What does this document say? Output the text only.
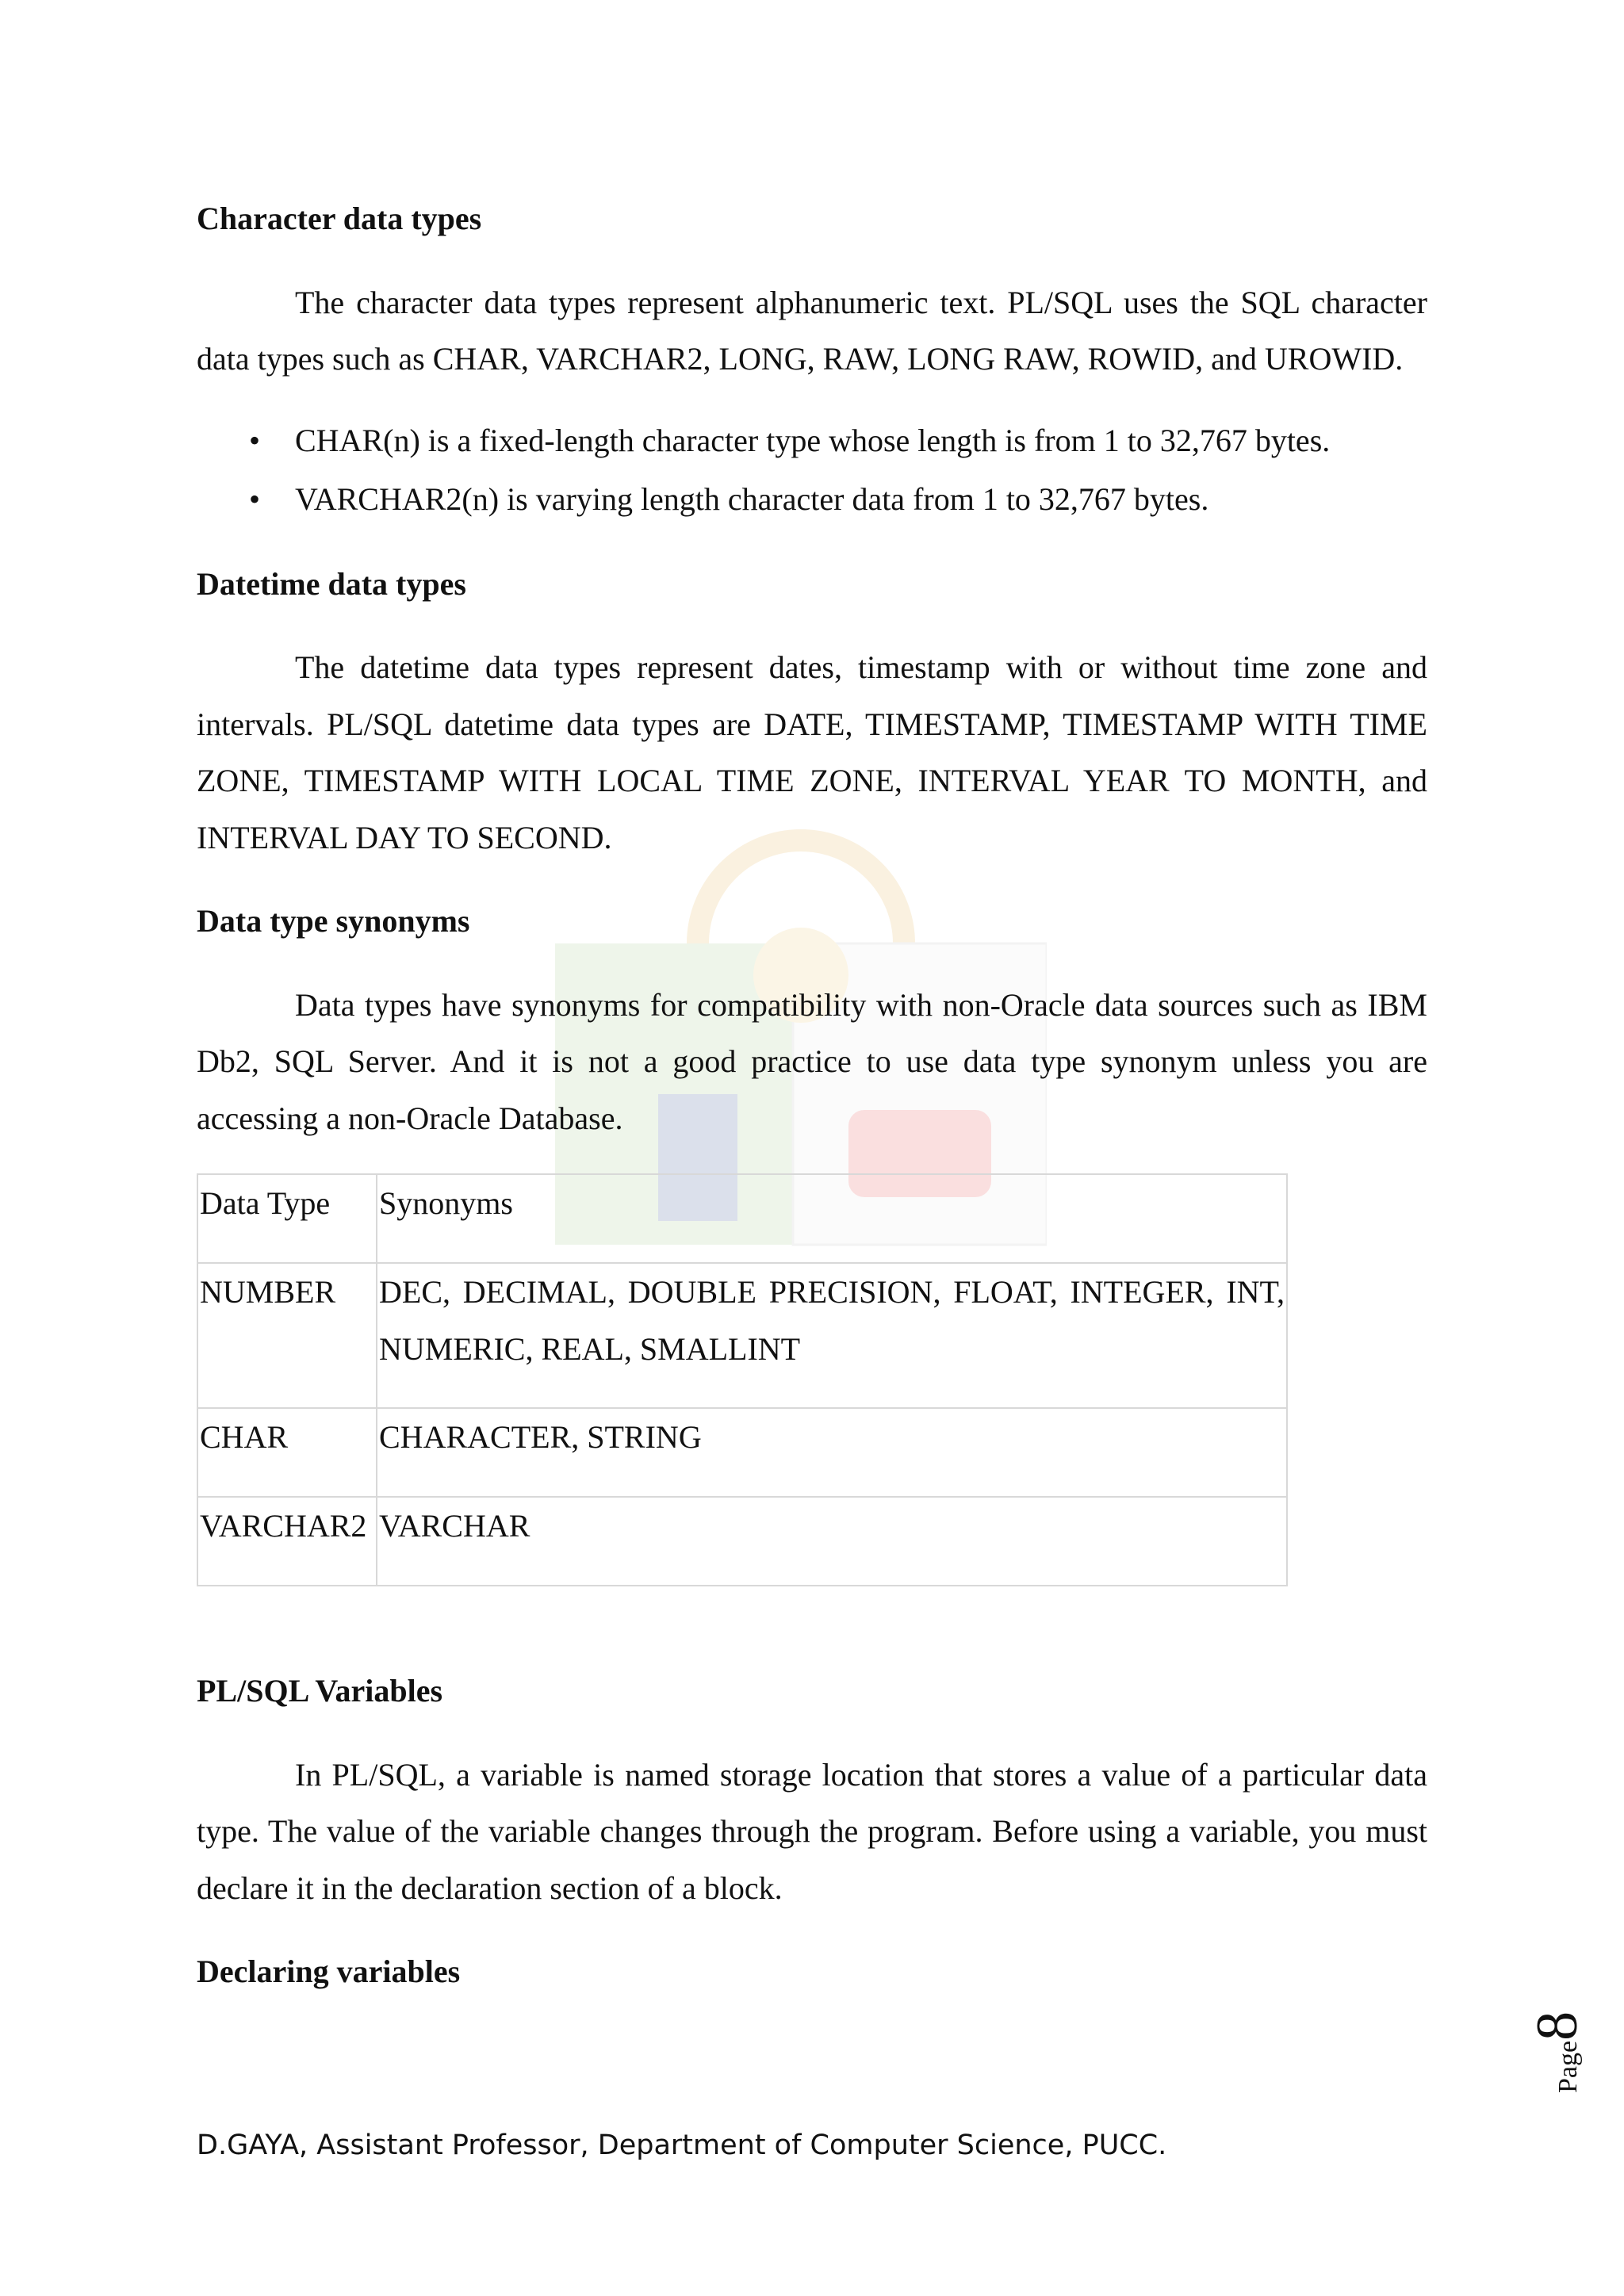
Character data types

The character data types represent alphanumeric text. PL/SQL uses the SQL character data types such as CHAR, VARCHAR2, LONG, RAW, LONG RAW, ROWID, and UROWID.

• CHAR(n) is a fixed-length character type whose length is from 1 to 32,767 bytes.
• VARCHAR2(n) is varying length character data from 1 to 32,767 bytes.
Datetime data types

The datetime data types represent dates, timestamp with or without time zone and intervals. PL/SQL datetime data types are DATE, TIMESTAMP, TIMESTAMP WITH TIME ZONE, TIMESTAMP WITH LOCAL TIME ZONE, INTERVAL YEAR TO MONTH, and INTERVAL DAY TO SECOND.

Data type synonyms

Data types have synonyms for compatibility with non-Oracle data sources such as IBM Db2, SQL Server. And it is not a good practice to use data type synonym unless you are accessing a non-Oracle Database.

Data Type	Synonyms
NUMBER	DEC, DECIMAL, DOUBLE PRECISION, FLOAT, INTEGER, INT, NUMERIC, REAL, SMALLINT
CHAR	CHARACTER, STRING
VARCHAR2	VARCHAR
PL/SQL Variables

In PL/SQL, a variable is named storage location that stores a value of a particular data type. The value of the variable changes through the program. Before using a variable, you must declare it in the declaration section of a block.

Declaring variables
Page8
D.GAYA, Assistant Professor, Department of Computer Science, PUCC.
